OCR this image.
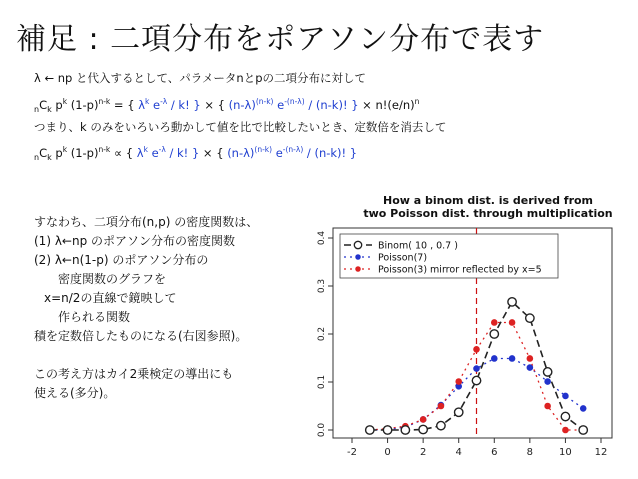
補足 : 二項分布をポアソン分布で表す
λ ← np と代入するとして、パラメータnとpの二項分布に対して
$_nC_k$ $p^k$ $(1-p)^{n-k}$ = { $\lambda^k$ $e^{-\lambda}$ / k! } × { $(n-\lambda)^{(n-k)}$ $e^{-(n-\lambda)} / (n-k)$! } × $n!(e/n)^n$
つまり、k のみをいろいろ動かして値を比で比較したいとき、定数倍を消去して
$_nC_k$ $p^k$ $(1-p)^{n-k}$ ∝ { $\lambda^k$ $e^{-\lambda}$ / k! } × { $(n-\lambda)^{(n-k)}$ $e^{-(n-\lambda)} / (n-k)$! }
すなわち、二項分布(n,p) の密度関数は、
(1) λ←np のポアソン分布の密度関数
(2) λ←n(1-p) のポアソン分布の
密度関数のグラフを
x=n/2の直線で鏡映して
作られる関数
積を定数倍したものになる(右図参照)。
この考え方はカイ2乗検定の導出にも
使える(多分)。
How a binom dist. is derived from
two Poisson dist. through multiplication
-2	0	2	4	6	8	10 12
0.0
0.1
0.2
0.3
0.4
Binom( 10 , 0.7 )
Poisson(7)
Poisson(3) mirror reflected by x=5
